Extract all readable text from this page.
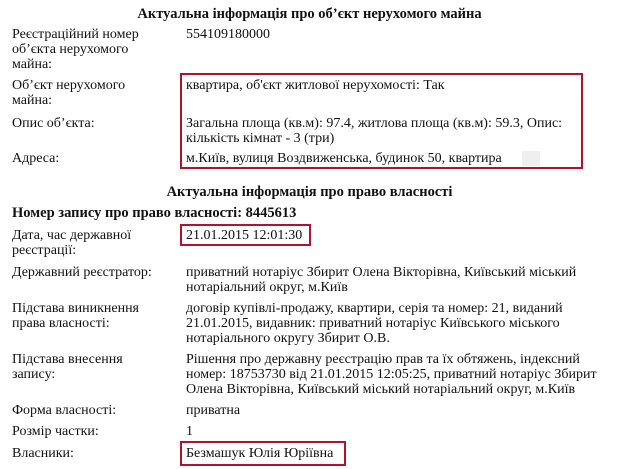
Актуальна інформація про об’єкт нерухомого майна
Реєстраційний номер
об’єкта нерухомого
майна:
554109180000
Об’єкт нерухомого
майна:
квартира, об'єкт житлової нерухомості: Так
Опис об’єкта:	Загальна площа (кв.м): 97.4, житлова площа (кв.м): 59.3, Опис:
кількість кімнат - 3 (три)
Адреса:	м.Київ, вулиця Воздвиженська, будинок 50, квартира
Актуальна інформація про право власності
Номер запису про право власності: 8445613
Дата, час державної
реєстрації:
21.01.2015 12:01:30
Державний реєстратор: приватний нотаріус Збирит Олена Вікторівна, Київський міський
нотаріальний округ, м.Київ
Підстава виникнення
права власності:
договір купівлі-продажу, квартири, серія та номер: 21, виданий
21.01.2015, видавник: приватний нотаріус Київського міського
нотаріального округу Збирит О.В.
Підстава внесення
запису:
Рішення про державну реєстрацію прав та їх обтяжень, індексний
номер: 18753730 від 21.01.2015 12:05:25, приватний нотаріус Збирит
Олена Вікторівна, Київський міський нотаріальний округ, м.Київ
Форма власності:	приватна
Розмір частки:	1
Власники:	Безмашук Юлія Юріївна
